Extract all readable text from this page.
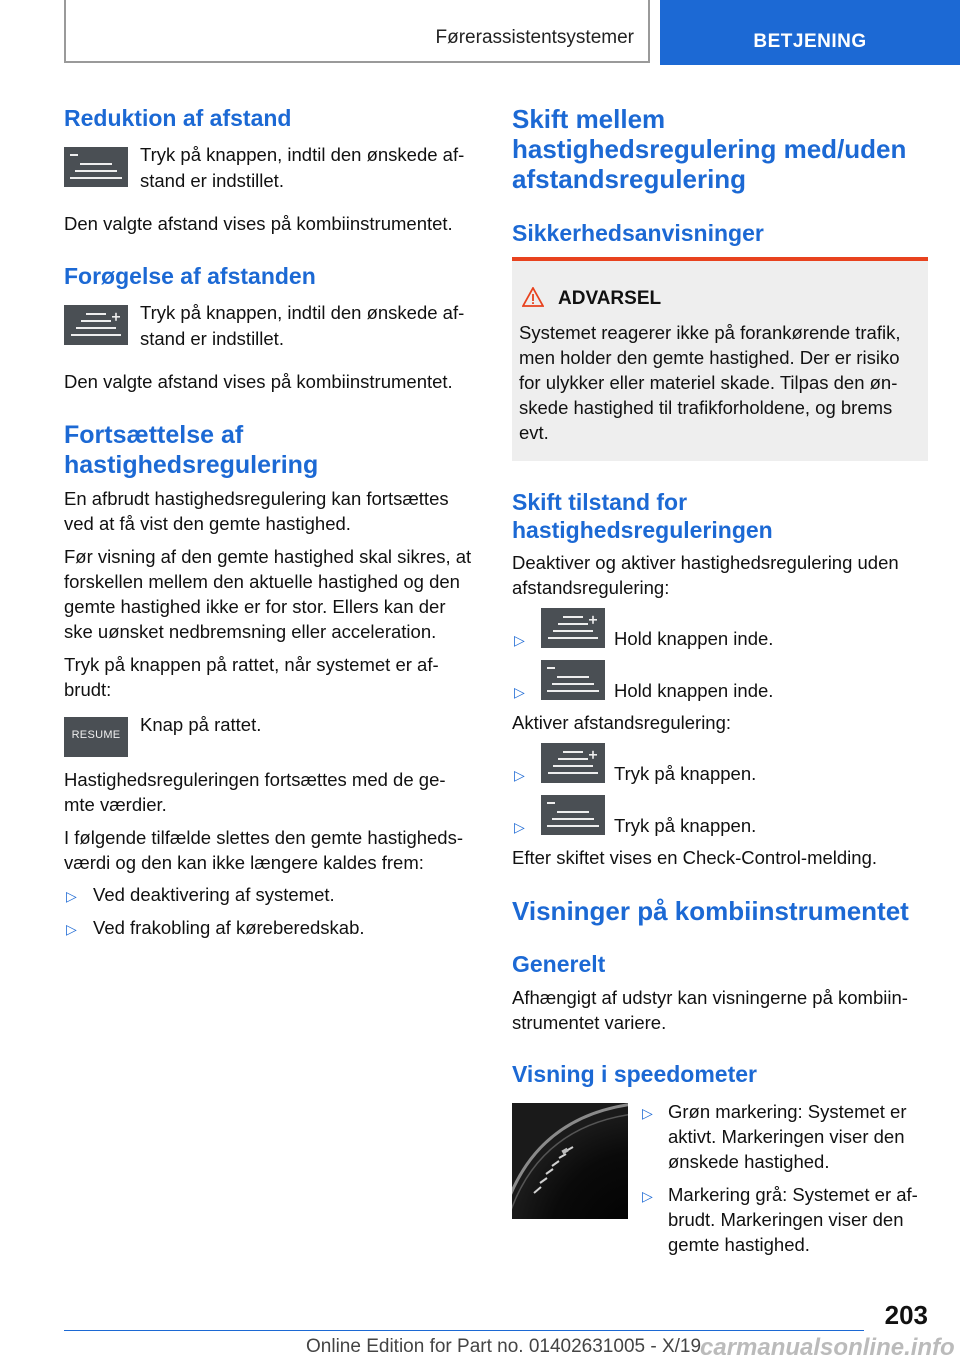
Førerassistentsystemer	BETJENING
Reduktion af afstand

Tryk på knappen, indtil den ønskede af-

stand er indstillet.

Den valgte afstand vises på kombiinstrumentet.

Forøgelse af afstanden

Tryk på knappen, indtil den ønskede af-

stand er indstillet.

Den valgte afstand vises på kombiinstrumentet.

Fortsættelse af
hastighedsregulering

En afbrudt hastighedsregulering kan fortsættes

ved at få vist den gemte hastighed.

Før visning af den gemte hastighed skal sikres, at

forskellen mellem den aktuelle hastighed og den

gemte hastighed ikke er for stor. Ellers kan der

ske uønsket nedbremsning eller acceleration.

Tryk på knappen på rattet, når systemet er af-

brudt:

RESUME	Knap på rattet.

Hastighedsreguleringen fortsættes med de ge-

mte værdier.

I følgende tilfælde slettes den gemte hastigheds-

værdi og den kan ikke længere kaldes frem:

▷ Ved deaktivering af systemet.

▷ Ved frakobling af køreberedskab.

Skift mellem
hastighedsregulering med/uden
afstandsregulering
Sikkerhedsanvisninger
ADVARSEL

Systemet reagerer ikke på forankørende trafik,

men holder den gemte hastighed. Der er risiko

for ulykker eller materiel skade. Tilpas den øn-

skede hastighed til trafikforholdene, og brems

evt.

Skift tilstand for
hastighedsreguleringen

Deaktiver og aktiver hastighedsregulering uden

afstandsregulering:

▷	Hold knappen inde.

▷	Hold knappen inde.

Aktiver afstandsregulering:

▷	Tryk på knappen.

▷	Tryk på knappen.

Efter skiftet vises en Check-Control-melding.

Visninger på kombiinstrumentet
Generelt

Afhængigt af udstyr kan visningerne på kombiin-

strumentet variere.

Visning i speedometer
▷ Grøn markering: Systemet er

aktivt. Markeringen viser den

ønskede hastighed.

▷ Markering grå: Systemet er af-

brudt. Markeringen viser den

gemte hastighed.

203
Online Edition for Part no. 01402631005 - X/19
carmanualsonline.info
